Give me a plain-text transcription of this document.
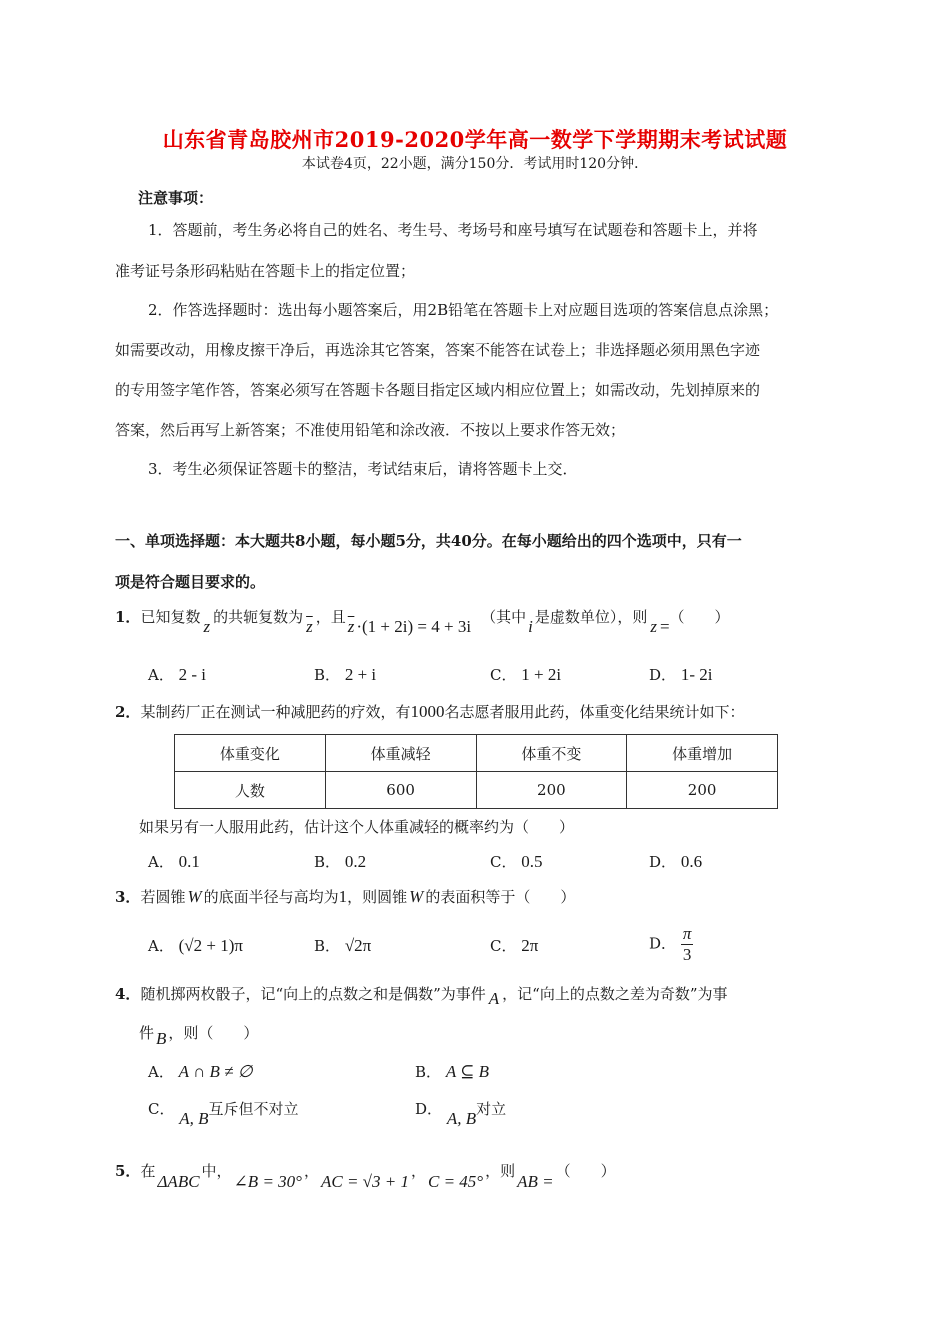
山东省青岛胶州市2019-2020学年高一数学下学期期末考试试题
本试卷4页，22小题，满分150分．考试用时120分钟．
注意事项：
1．答题前，考生务必将自己的姓名、考生号、考场号和座号填写在试题卷和答题卡上，并将
准考证号条形码粘贴在答题卡上的指定位置；
2．作答选择题时：选出每小题答案后，用2B铅笔在答题卡上对应题目选项的答案信息点涂黑；
如需要改动，用橡皮擦干净后，再选涂其它答案，答案不能答在试卷上；非选择题必须用黑色字迹
的专用签字笔作答，答案必须写在答题卡各题目指定区域内相应位置上；如需改动，先划掉原来的
答案，然后再写上新答案；不准使用铅笔和涂改液．不按以上要求作答无效；
3．考生必须保证答题卡的整洁，考试结束后，请将答题卡上交．
一、单项选择题：本大题共8小题，每小题5分，共40分。在每小题给出的四个选项中，只有一
项是符合题目要求的。
1．已知复数 z 的共轭复数为 $\overline{z}$ ，且 $\overline{z} \cdot(1 + 2i) = 4 + 3i$ （其中 i 是虚数单位），则 z =（　　）
A． 2 - i	B． 2 + i	C． 1 + 2i	D． 1- 2i
2．某制药厂正在测试一种减肥药的疗效，有1000名志愿者服用此药，体重变化结果统计如下：
体重变化	体重减轻	体重不变	体重增加
人数	600	200	200
如果另有一人服用此药，估计这个人体重减轻的概率约为（　　）
A． 0.1	B． 0.2	C． 0.5	D． 0.6
3．若圆锥 W 的底面半径与高均为1，则圆锥 W 的表面积等于（　　）
A． (√2 + 1)π	B． √2π	C． 2π	D． $\frac{\pi}{3}$
4．随机掷两枚骰子，记“向上的点数之和是偶数”为事件 A ，记“向上的点数之差为奇数”为事
件 B ，则（　　）
A． A ∩ B ≠ ∅	B． A ⊆ B
C． A, B互斥但不对立	D． A, B对立
5．在ΔABC中，∠B = 30°，AC = √3 + 1，C = 45°，则AB =（　　）
